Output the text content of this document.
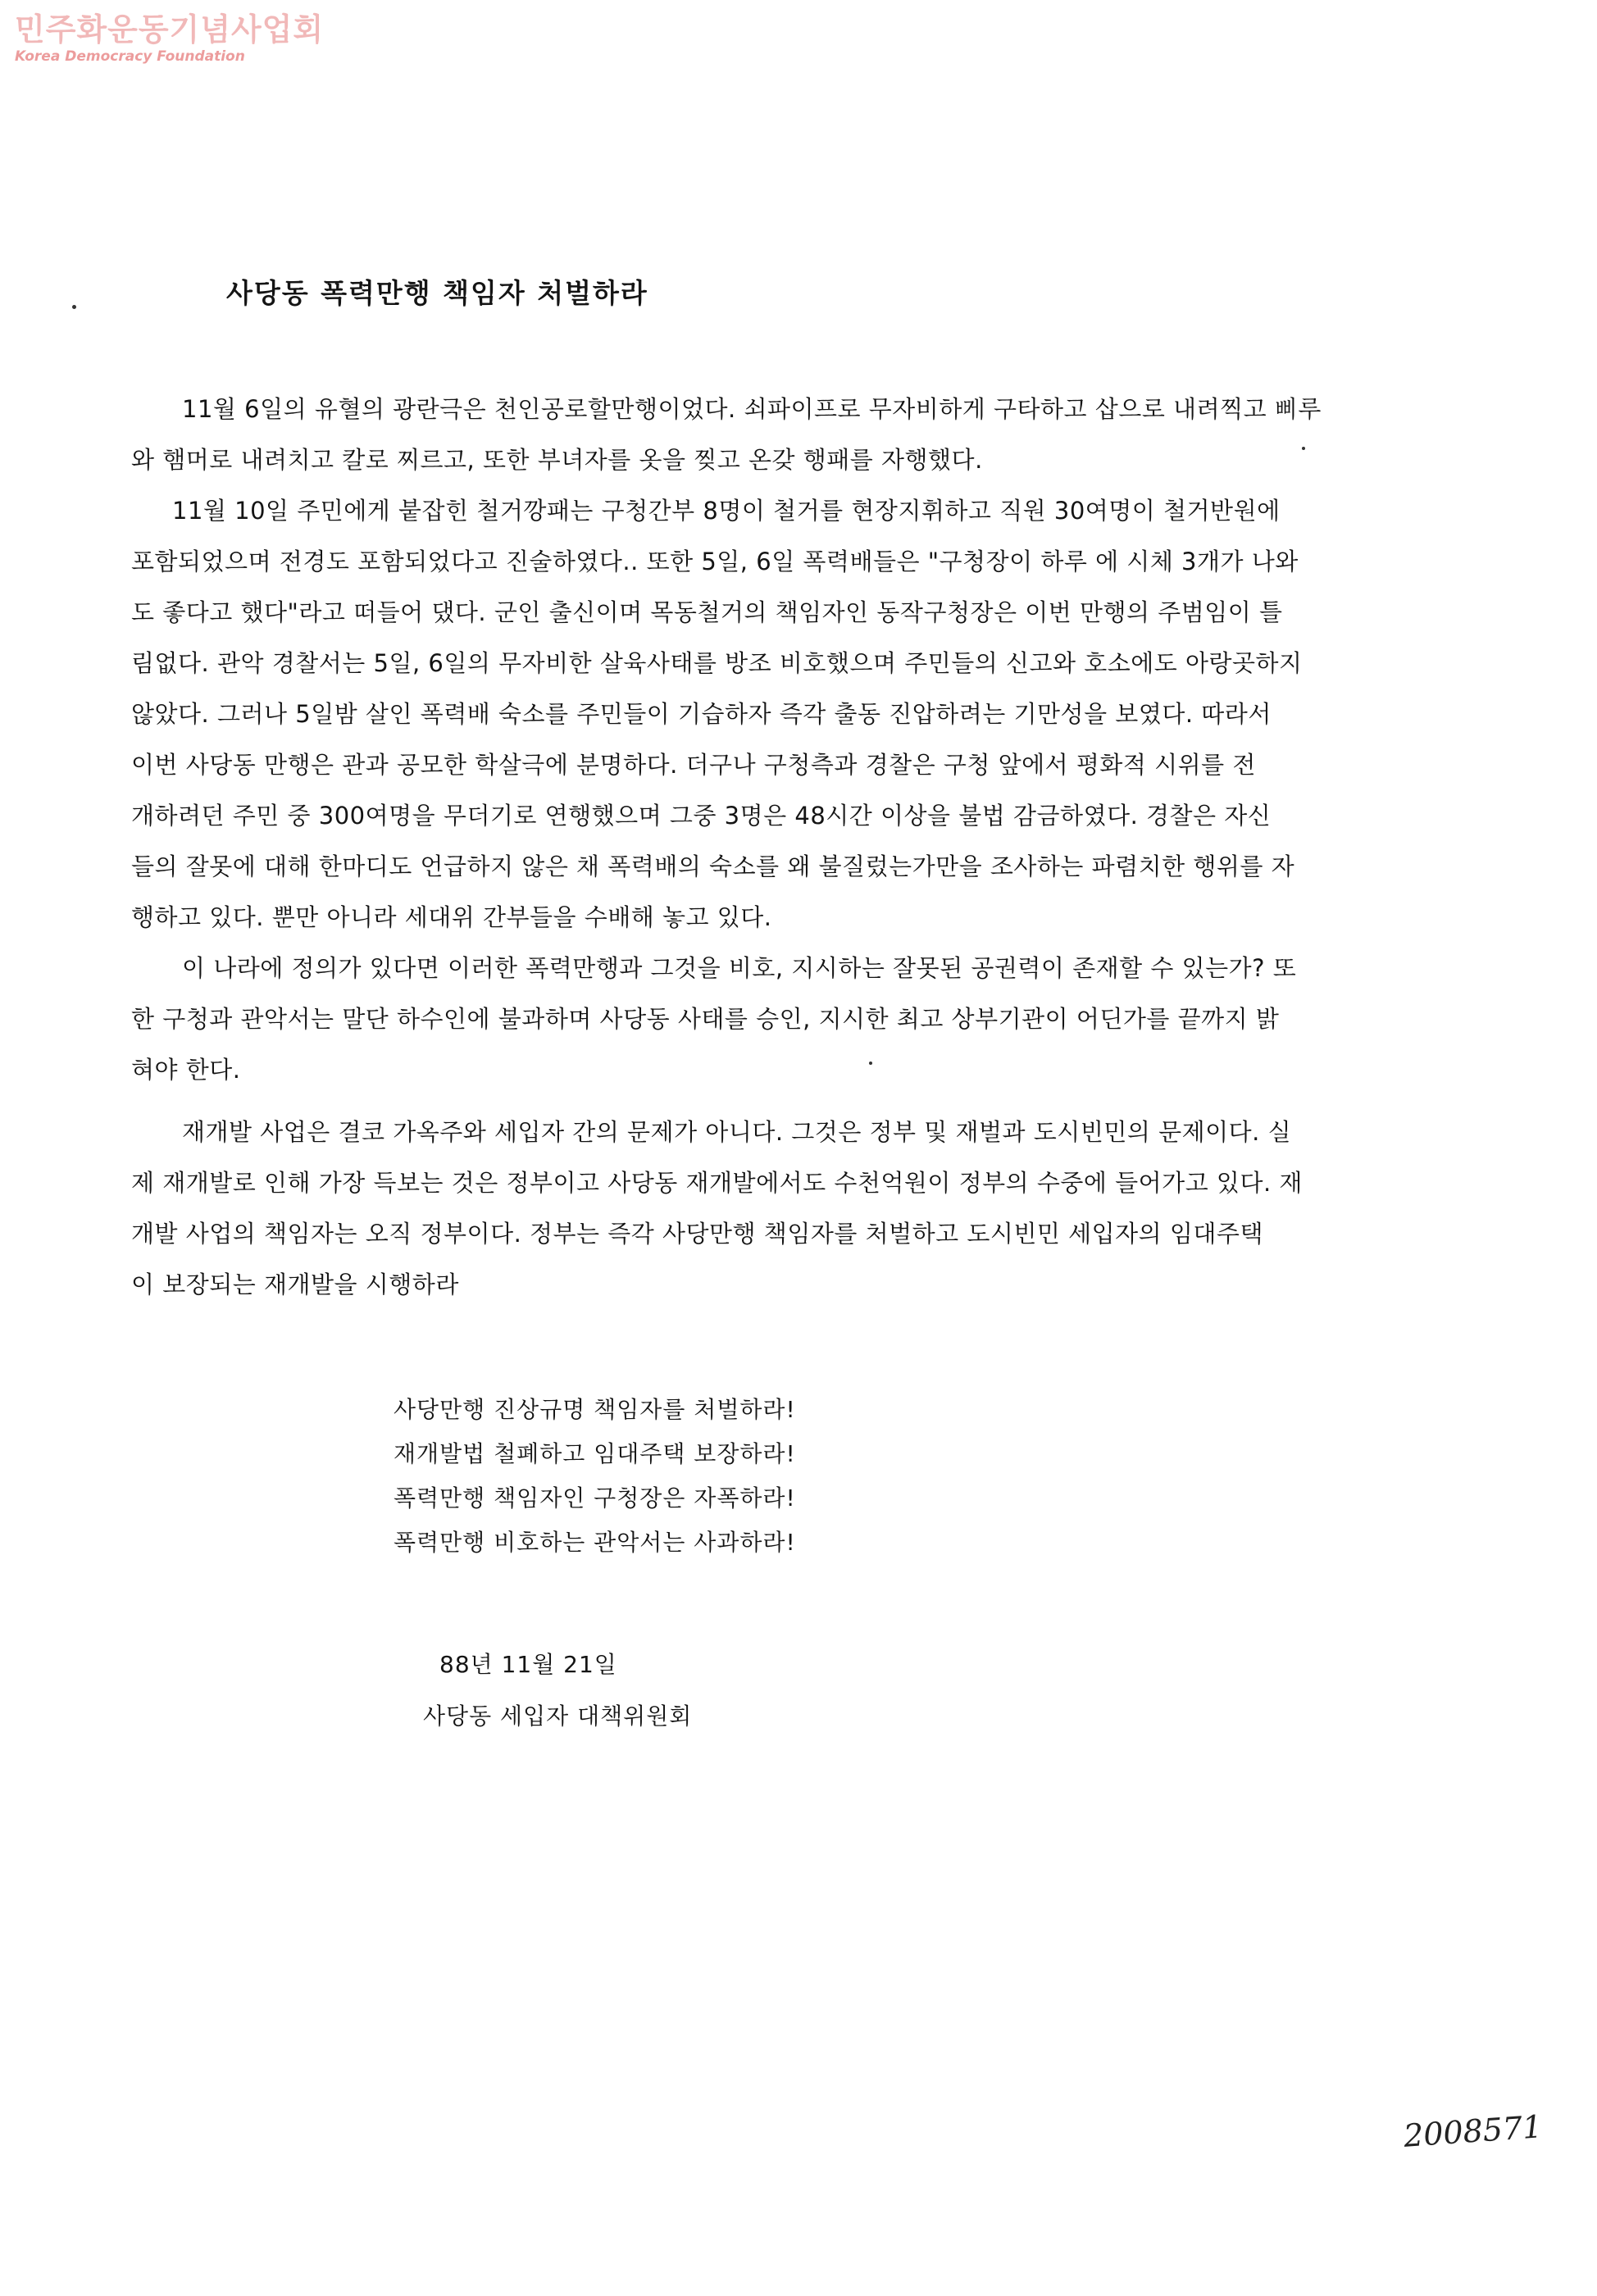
민주화운동기념사업회
Korea Democracy Foundation
사당동 폭력만행 책임자 처벌하라
11월 6일의 유혈의 광란극은 천인공로할만행이었다. 쇠파이프로 무자비하게 구타하고 삽으로 내려찍고 삐루
와 햄머로 내려치고 칼로 찌르고, 또한 부녀자를 옷을 찢고 온갖 행패를 자행했다.
11월 10일 주민에게 붙잡힌 철거깡패는 구청간부 8명이 철거를 현장지휘하고 직원 30여명이 철거반원에
포함되었으며 전경도 포함되었다고 진술하였다.. 또한 5일, 6일 폭력배들은 "구청장이 하루 에 시체 3개가 나와
도 좋다고 했다"라고 떠들어 댔다. 군인 출신이며 목동철거의 책임자인 동작구청장은 이번 만행의 주범임이 틀
림없다. 관악 경찰서는 5일, 6일의 무자비한 살육사태를 방조 비호했으며 주민들의 신고와 호소에도 아랑곳하지
않았다. 그러나 5일밤 살인 폭력배 숙소를 주민들이 기습하자 즉각 출동 진압하려는 기만성을 보였다. 따라서
이번 사당동 만행은 관과 공모한 학살극에 분명하다. 더구나 구청측과 경찰은 구청 앞에서 평화적 시위를 전
개하려던 주민 중 300여명을 무더기로 연행했으며 그중 3명은 48시간 이상을 불법 감금하였다. 경찰은 자신
들의 잘못에 대해 한마디도 언급하지 않은 채 폭력배의 숙소를 왜 불질렀는가만을 조사하는 파렴치한 행위를 자
행하고 있다. 뿐만 아니라 세대위 간부들을 수배해 놓고 있다.
이 나라에 정의가 있다면 이러한 폭력만행과 그것을 비호, 지시하는 잘못된 공권력이 존재할 수 있는가? 또
한 구청과 관악서는 말단 하수인에 불과하며 사당동 사태를 승인, 지시한 최고 상부기관이 어딘가를 끝까지 밝
혀야 한다.
재개발 사업은 결코 가옥주와 세입자 간의 문제가 아니다. 그것은 정부 및 재벌과 도시빈민의 문제이다. 실
제 재개발로 인해 가장 득보는 것은 정부이고 사당동 재개발에서도 수천억원이 정부의 수중에 들어가고 있다. 재
개발 사업의 책임자는 오직 정부이다. 정부는 즉각 사당만행 책임자를 처벌하고 도시빈민 세입자의 임대주택
이 보장되는 재개발을 시행하라
사당만행 진상규명 책임자를 처벌하라!
재개발법 철폐하고 임대주택 보장하라!
폭력만행 책임자인 구청장은 자폭하라!
폭력만행 비호하는 관악서는 사과하라!
88년 11월 21일
사당동 세입자 대책위원회
2008571
